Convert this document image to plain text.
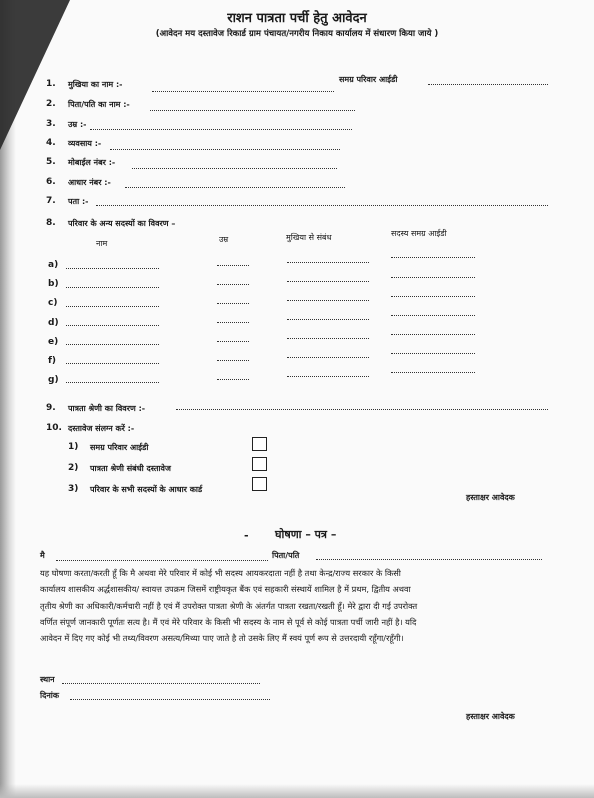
राशन पात्रता पर्ची हेतु आवेदन
(आवेदन मय दस्तावेज रिकार्ड ग्राम पंचायत/नगरीय निकाय कार्यालय में संधारण किया जाये )
1. मुखिया का नाम :-
समग्र परिवार आईडी
2. पिता/पति का नाम :-
3. उम्र :-
4. व्यवसाय :-
5. मोबाईल नंबर :-
6. आधार नंबर :-
7. पता :-
8. परिवार के अन्य सदस्यों का विवरण –
नाम	उम्र	मुखिया से संबंध	सदस्य समग्र आईडी
a)
b)
c)
d)
e)
f)
g)
9. पात्रता श्रेणी का विवरण :-
10. दस्तावेज संलग्न करें :-
1) समग्र परिवार आईडी
2) पात्रता श्रेणी संबंधी दस्तावेज
3) परिवार के सभी सदस्यों के आधार कार्ड
हस्ताक्षर आवेदक
- घोषणा – पत्र –
मै	पिता/पति
यह घोषणा करता/करती हूँ कि मै अथवा मेरे परिवार में कोई भी सदस्य आयकरदाता नहीं है तथा केन्द्र/राज्य सरकार के किसी
कार्यालय शासकीय अर्द्धशासकीय/ स्वायत्त उपक्रम जिसमें राष्ट्रीयकृत बैंक एवं सहकारी संस्थायें शामिल है में प्रथम, द्वितीय अथवा
तृतीय श्रेणी का अधिकारी/कर्मचारी नहीं है एवं मैं उपरोक्त पात्रता श्रेणी के अंतर्गत पात्रता रखता/रखती हूँ। मेरे द्वारा दी गई उपरोक्त
वर्णित संपूर्ण जानकारी पूर्णतः सत्य है। मैं एवं मेरे परिवार के किसी भी सदस्य के नाम से पूर्व से कोई पात्रता पर्ची जारी नहीं है। यदि
आवेदन में दिए गए कोई भी तथ्य/विवरण असत्य/मिथ्या पाए जाते है तो उसके लिए मैं स्वयं पूर्ण रूप से उत्तरदायी रहूँगा/रहूँगी।
स्थान
दिनांक
हस्ताक्षर आवेदक
